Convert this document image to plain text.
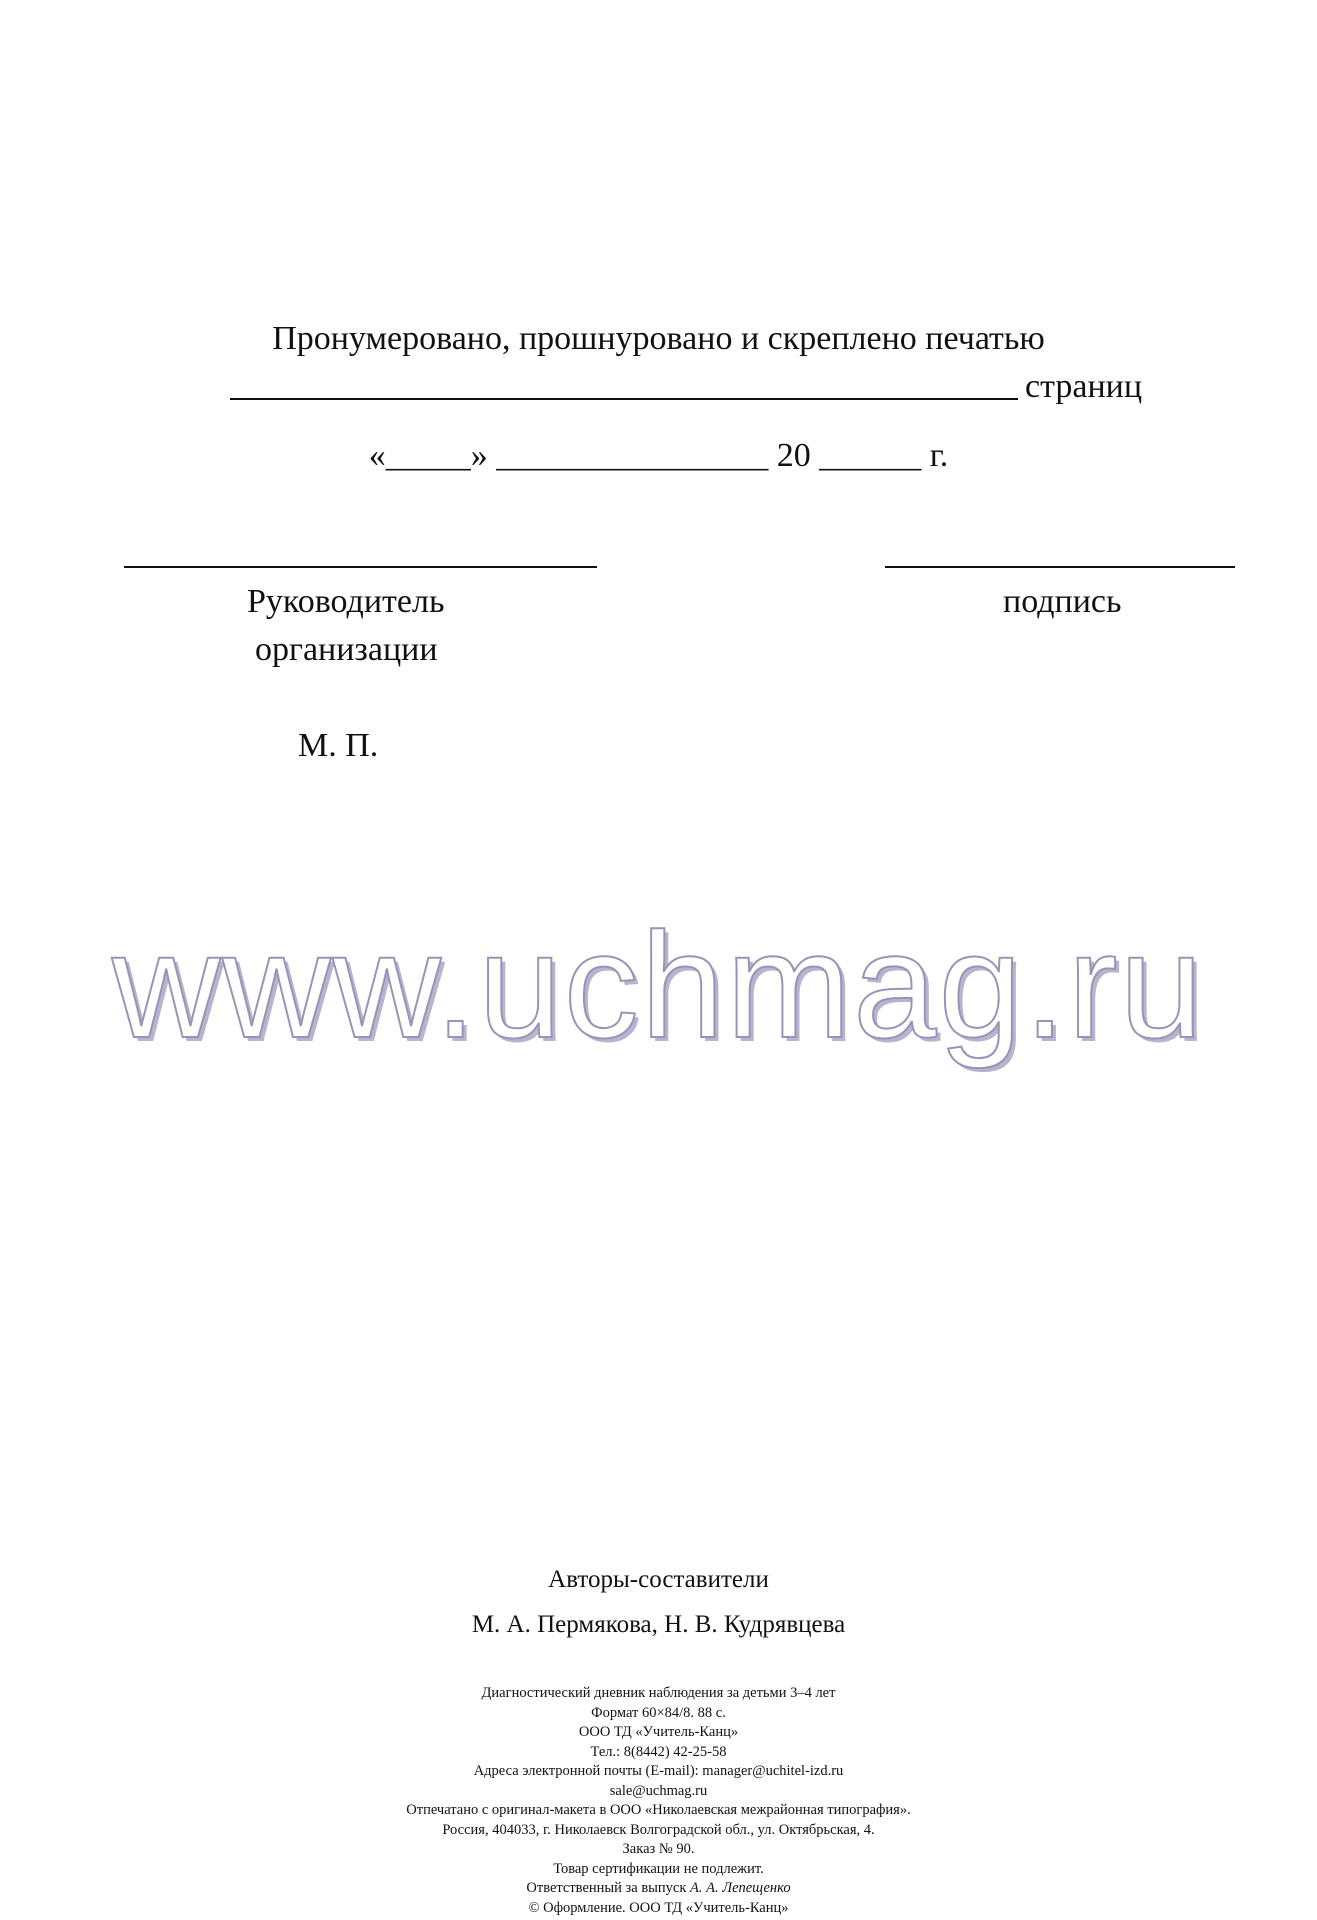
Пронумеровано, прошнуровано и скреплено печатью
страниц
«_____» ________________ 20 ______ г.
Руководитель
организации
подпись
М. П.
www.uchmag.ru
Авторы-составители
М. А. Пермякова, Н. В. Кудрявцева
Диагностический дневник наблюдения за детьми 3–4 лет
Формат 60×84/8. 88 с.
ООО ТД «Учитель-Канц»
Тел.: 8(8442) 42-25-58
Адреса электронной почты (E-mail): manager@uchitel-izd.ru
sale@uchmag.ru
Отпечатано с оригинал-макета в ООО «Николаевская межрайонная типография».
Россия, 404033, г. Николаевск Волгоградской обл., ул. Октябрьская, 4.
Заказ № 90.
Товар сертификации не подлежит.
Ответственный за выпуск А. А. Лепещенко
© Оформление. ООО ТД «Учитель-Канц»
